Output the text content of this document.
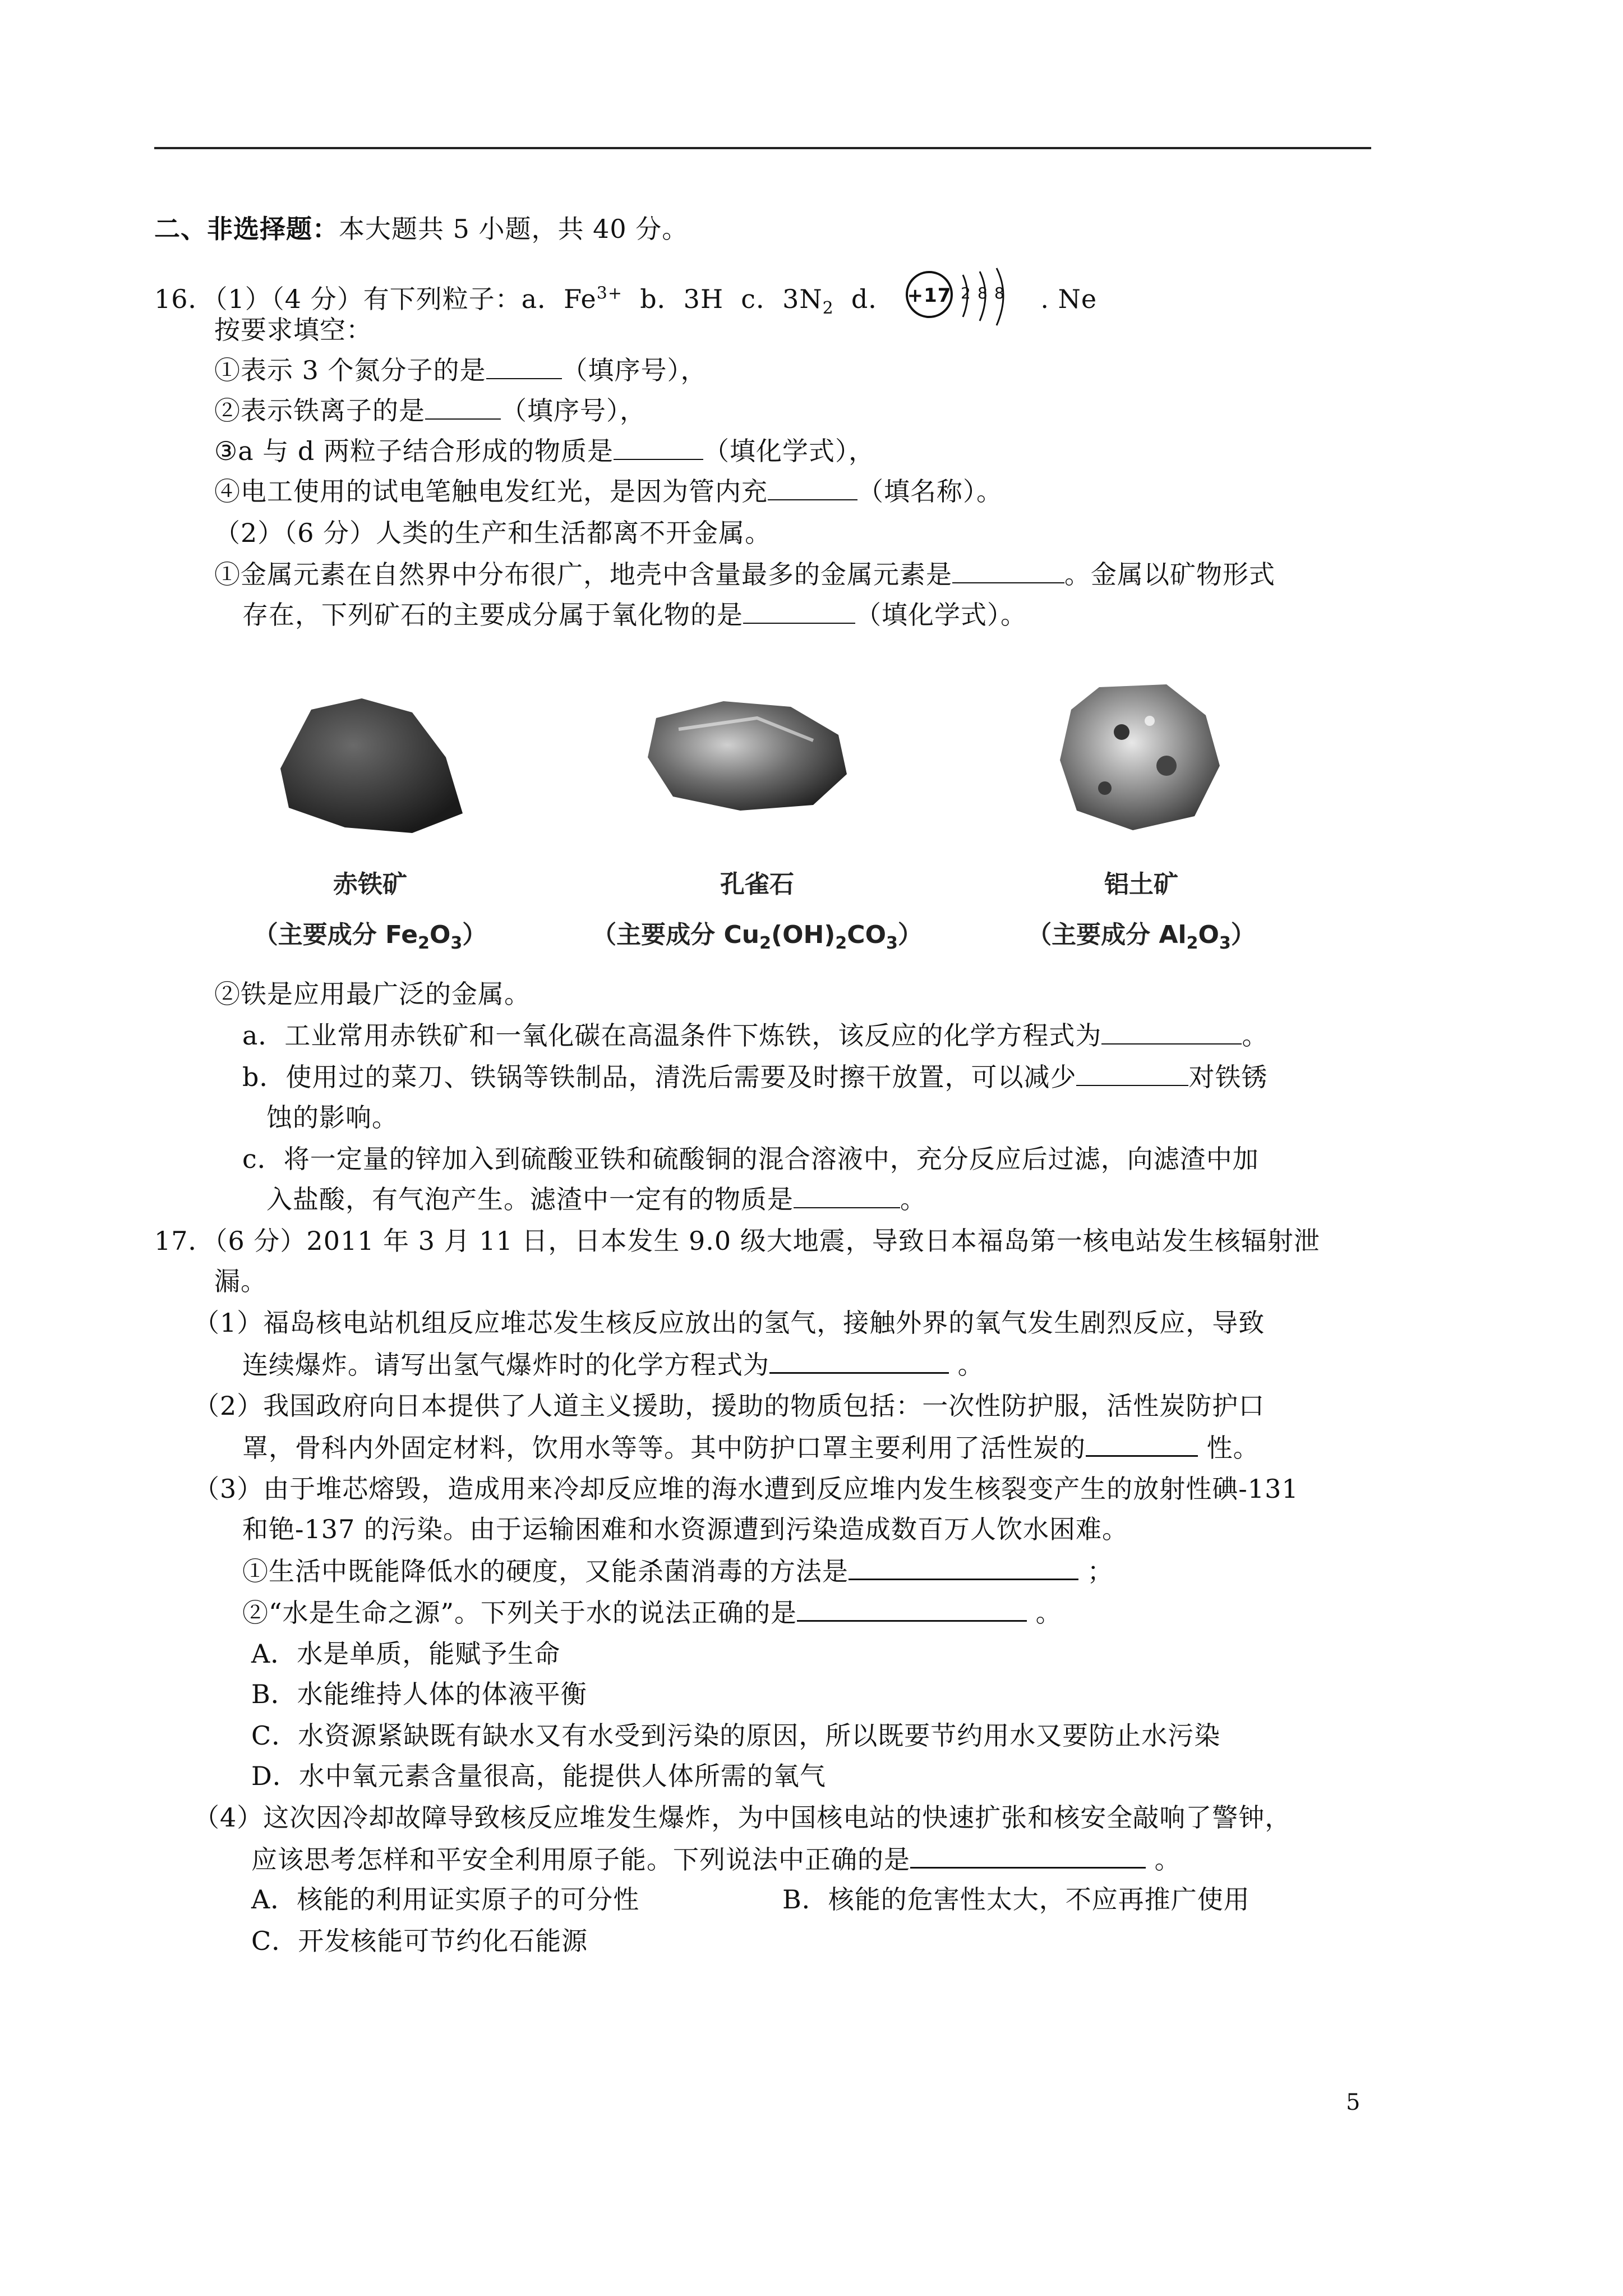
二、非选择题：本大题共 5 小题，共 40 分。
16．（1）（4 分）有下列粒子：a．$Fe^{3+}$  b．3H  c．$3N_2$  d． +17 2 8 8 . Ne
按要求填空：
①表示 3 个氮分子的是	（填序号），
②表示铁离子的是	（填序号），
③a 与 d 两粒子结合形成的物质是	（填化学式），
④电工使用的试电笔触电发红光，是因为管内充	（填名称）。
（2）（6 分）人类的生产和生活都离不开金属。
①金属元素在自然界中分布很广，地壳中含量最多的金属元素是	。金属以矿物形式
存在，下列矿石的主要成分属于氧化物的是	（填化学式）。
赤铁矿	孔雀石	铝土矿
（主要成分 $Fe_2O_3$）	（主要成分 $Cu_2(OH)_2CO_3$）	（主要成分 $Al_2O_3$）
②铁是应用最广泛的金属。
a．工业常用赤铁矿和一氧化碳在高温条件下炼铁，该反应的化学方程式为	。
b．使用过的菜刀、铁锅等铁制品，清洗后需要及时擦干放置，可以减少	对铁锈
蚀的影响。
c．将一定量的锌加入到硫酸亚铁和硫酸铜的混合溶液中，充分反应后过滤，向滤渣中加
入盐酸，有气泡产生。滤渣中一定有的物质是	。
17．（6 分）2011 年 3 月 11 日，日本发生 9.0 级大地震，导致日本福岛第一核电站发生核辐射泄
漏。
（1）福岛核电站机组反应堆芯发生核反应放出的氢气，接触外界的氧气发生剧烈反应，导致
连续爆炸。请写出氢气爆炸时的化学方程式为	。
（2）我国政府向日本提供了人道主义援助，援助的物质包括：一次性防护服，活性炭防护口
罩，骨科内外固定材料，饮用水等等。其中防护口罩主要利用了活性炭的	性。
（3）由于堆芯熔毁，造成用来冷却反应堆的海水遭到反应堆内发生核裂变产生的放射性碘-131
和铯-137 的污染。由于运输困难和水资源遭到污染造成数百万人饮水困难。
①生活中既能降低水的硬度，又能杀菌消毒的方法是	；
②“水是生命之源”。下列关于水的说法正确的是	。
A．水是单质，能赋予生命
B．水能维持人体的体液平衡
C．水资源紧缺既有缺水又有水受到污染的原因，所以既要节约用水又要防止水污染
D．水中氧元素含量很高，能提供人体所需的氧气
（4）这次因冷却故障导致核反应堆发生爆炸，为中国核电站的快速扩张和核安全敲响了警钟，
应该思考怎样和平安全利用原子能。下列说法中正确的是	。
A．核能的利用证实原子的可分性	B．核能的危害性太大，不应再推广使用
C．开发核能可节约化石能源
5
